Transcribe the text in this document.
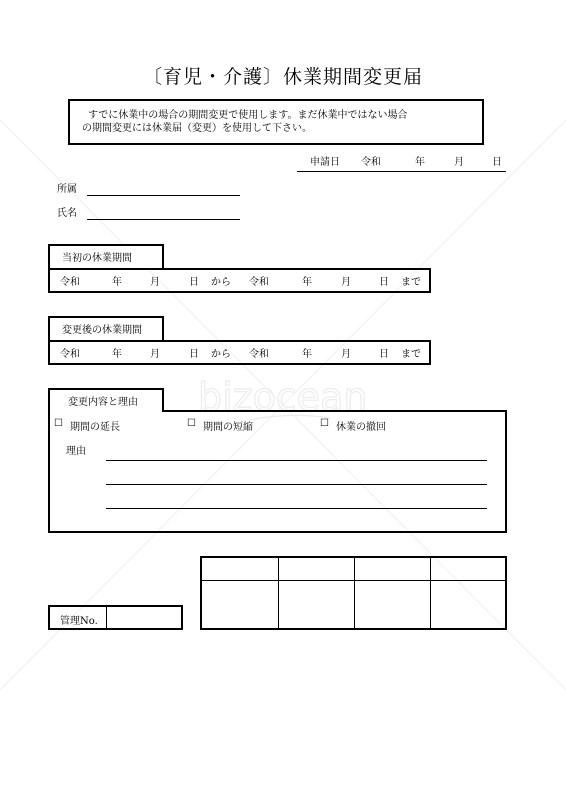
bizocean
〔育児・介護〕休業期間変更届
すでに休業中の場合の期間変更で使用します。まだ休業中ではない場合
の期間変更には休業届（変更）を使用して下さい。
申請日 令和	年	月	日
所属
氏名
当初の休業期間
令和	年	月	日 から 令和	年	月	日 まで
変更後の休業期間
令和	年	月	日 から 令和	年	月	日 まで
変更内容と理由
☐ 期間の延長	☐ 期間の短縮	☐ 休業の撤回
理由
管理No.
